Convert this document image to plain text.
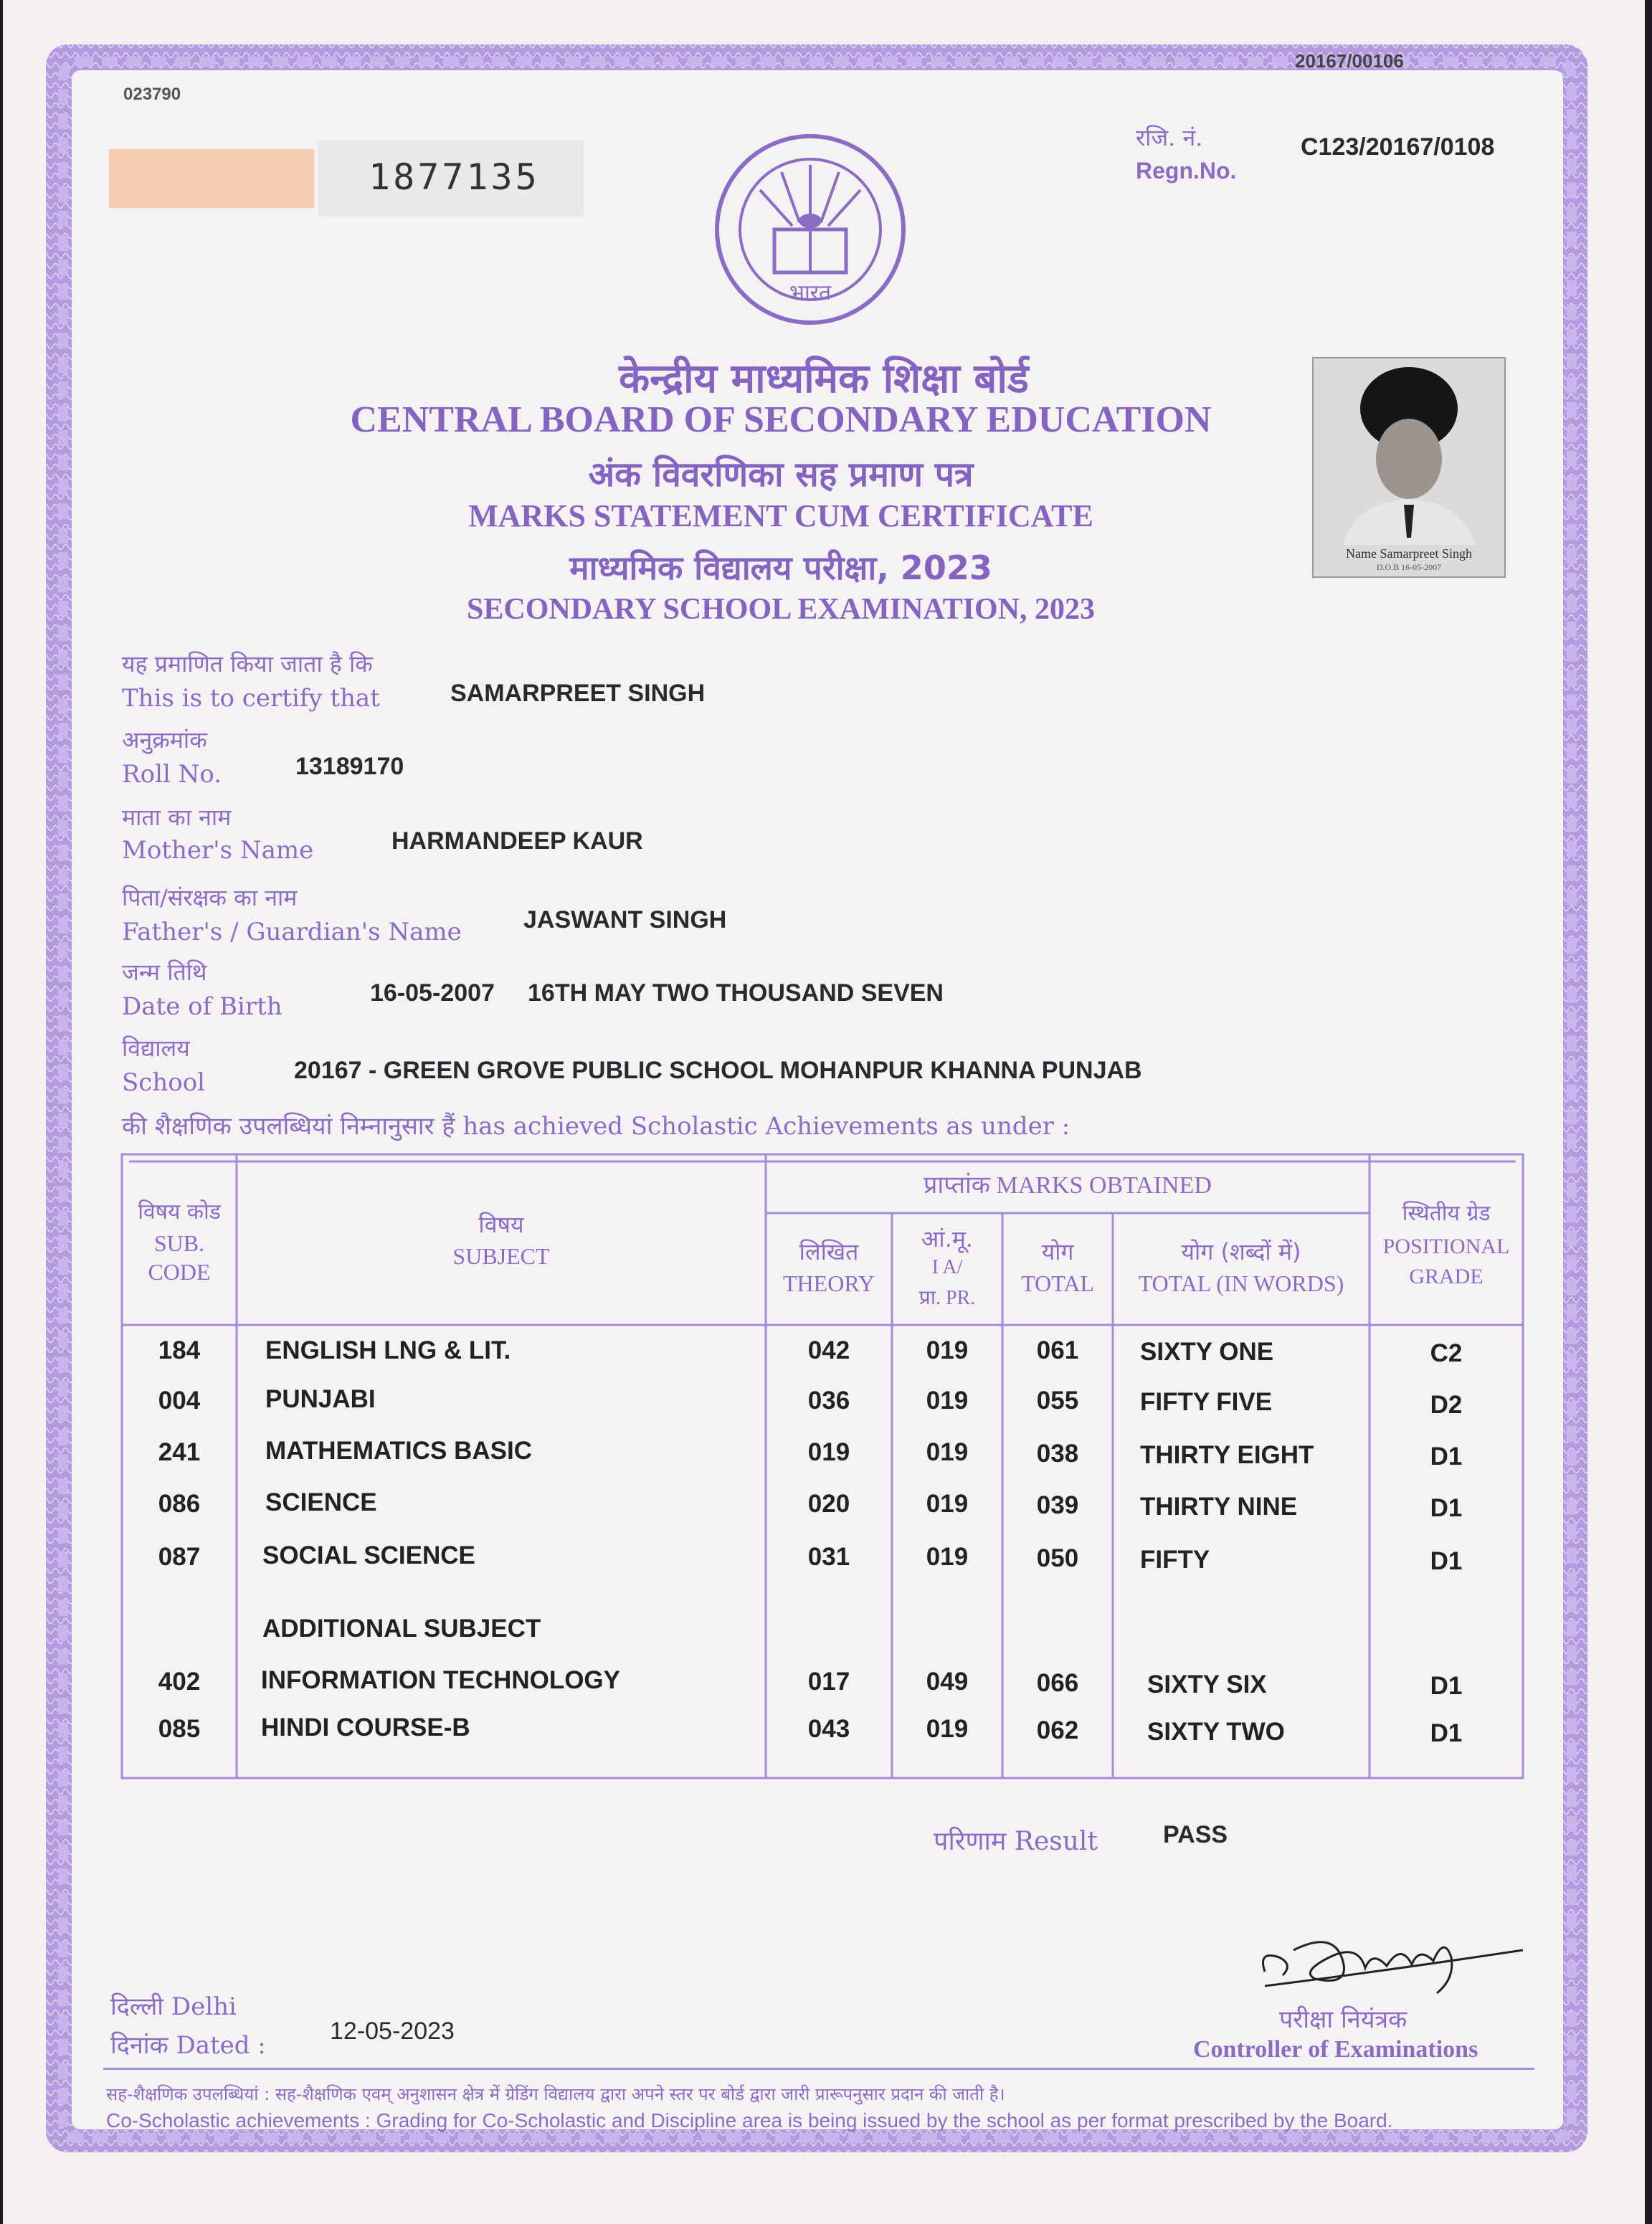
023790
20167/00106
1877135
भारत
रजि. नं.
Regn.No.
C123/20167/0108
केन्द्रीय माध्यमिक शिक्षा बोर्ड
CENTRAL BOARD OF SECONDARY EDUCATION
अंक विवरणिका सह प्रमाण पत्र
MARKS STATEMENT CUM CERTIFICATE
माध्यमिक विद्यालय परीक्षा, 2023
SECONDARY SCHOOL EXAMINATION, 2023
Name Samarpreet Singh
D.O.B 16-05-2007
यह प्रमाणित किया जाता है कि
This is to certify that	SAMARPREET SINGH
अनुक्रमांक
Roll No.	13189170
माता का नाम
Mother's Name	HARMANDEEP KAUR
पिता/संरक्षक का नाम
Father's / Guardian's Name	JASWANT SINGH
जन्म तिथि
Date of Birth	16-05-2007 16TH MAY TWO THOUSAND SEVEN
विद्यालय
School	20167 - GREEN GROVE PUBLIC SCHOOL MOHANPUR KHANNA PUNJAB
की शैक्षणिक उपलब्धियां निम्नानुसार हैं has achieved Scholastic Achievements as under :
विषय कोड
SUB.
CODE
विषय
SUBJECT
प्राप्तांक MARKS OBTAINED
लिखित
THEORY
आं.मू.
I A/
प्रा. PR.
योग
TOTAL
योग (शब्दों में)
TOTAL (IN WORDS)
स्थितीय ग्रेड
POSITIONAL
GRADE
184	ENGLISH LNG & LIT.	042	019	061	SIXTY ONE	C2
004	PUNJABI	036	019	055	FIFTY FIVE	D2
241	MATHEMATICS BASIC	019	019	038	THIRTY EIGHT	D1
086	SCIENCE	020	019	039	THIRTY NINE	D1
087	SOCIAL SCIENCE	031	019	050	FIFTY	D1
ADDITIONAL SUBJECT
402	INFORMATION TECHNOLOGY	017	049	066	SIXTY SIX	D1
085	HINDI COURSE-B	043	019	062	SIXTY TWO	D1
परिणाम Result	PASS
परीक्षा नियंत्रक
Controller of Examinations
दिल्ली Delhi
दिनांक Dated :	12-05-2023
सह-शैक्षणिक उपलब्धियां : सह-शैक्षणिक एवम् अनुशासन क्षेत्र में ग्रेडिंग विद्यालय द्वारा अपने स्तर पर बोर्ड द्वारा जारी प्रारूपनुसार प्रदान की जाती है।
Co-Scholastic achievements : Grading for Co-Scholastic and Discipline area is being issued by the school as per format prescribed by the Board.
